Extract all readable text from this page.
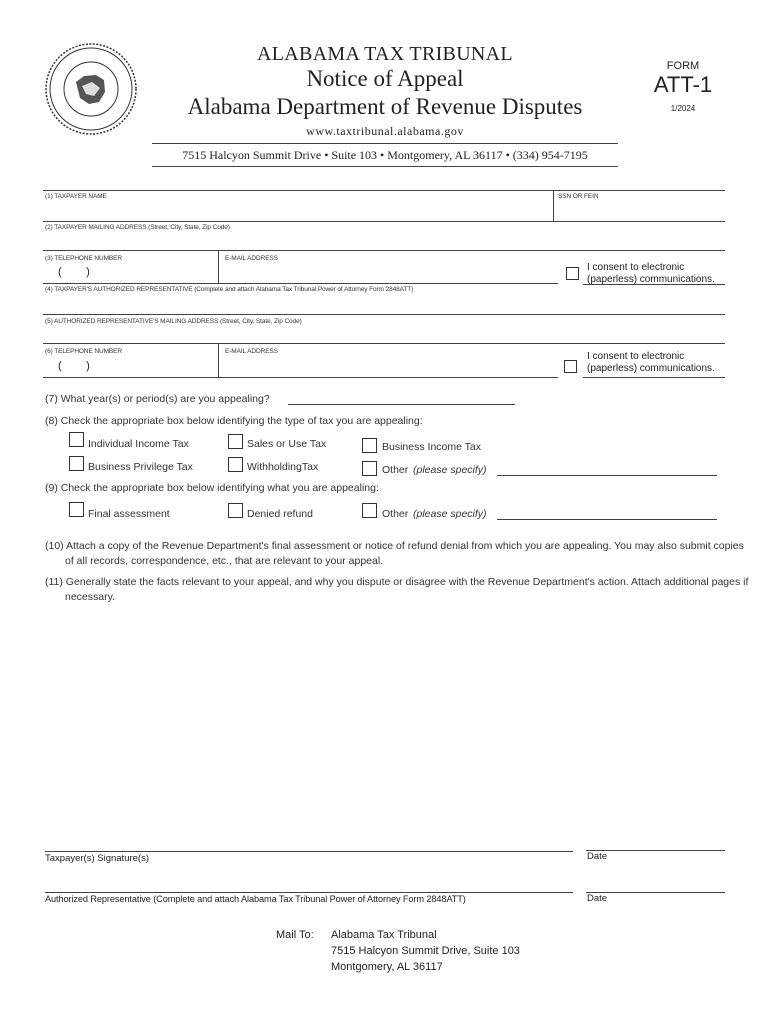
ALABAMA TAX TRIBUNAL OFFICIAL SEAL
ALABAMA TAX TRIBUNAL
Notice of Appeal
Alabama Department of Revenue Disputes
www.taxtribunal.alabama.gov
7515 Halcyon Summit Drive • Suite 103 • Montgomery, AL 36117 • (334) 954-7195
FORM
ATT-1
1/2024
(1) TAXPAYER NAME	SSN OR FEIN
(2) TAXPAYER MAILING ADDRESS (Street, City, State, Zip Code)
(3) TELEPHONE NUMBER	E-MAIL ADDRESS
(        )	I consent to electronic (paperless) communications.
(4) TAXPAYER'S AUTHORIZED REPRESENTATIVE (Complete and attach Alabama Tax Tribunal Power of Attorney Form 2848ATT)
(5) AUTHORIZED REPRESENTATIVE'S MAILING ADDRESS (Street, City, State, Zip Code)
(6) TELEPHONE NUMBER	E-MAIL ADDRESS
(        )
I consent to electronic (paperless) communications.
(7) What year(s) or period(s) are you appealing?
(8) Check the appropriate box below identifying the type of tax you are appealing:
Individual Income Tax	Sales or Use Tax	Business Income Tax
Business Privilege Tax	WithholdingTax	Other (please specify)
(9) Check the appropriate box below identifying what you are appealing:
Final assessment	Denied refund	Other (please specify)
(10) Attach a copy of the Revenue Department's final assessment or notice of refund denial from which you are appealing. You may also submit copies of all records, correspondence, etc., that are relevant to your appeal.
(11) Generally state the facts relevant to your appeal, and why you dispute or disagree with the Revenue Department's action. Attach additional pages if necessary.
Taxpayer(s) Signature(s)	Date
Authorized Representative (Complete and attach Alabama Tax Tribunal Power of Attorney Form 2848ATT)	Date
Mail To: Alabama Tax Tribunal
7515 Halcyon Summit Drive, Suite 103
Montgomery, AL 36117
